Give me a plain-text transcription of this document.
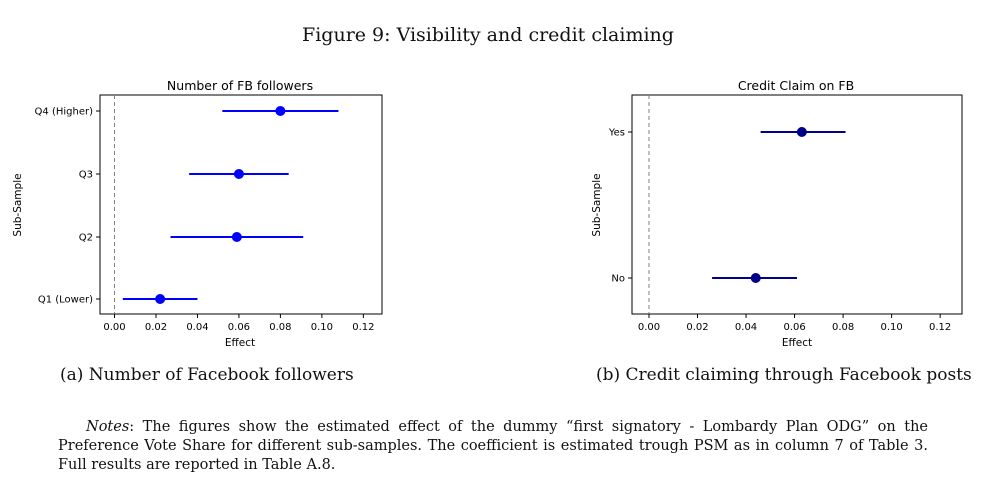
Figure 9: Visibility and credit claiming
Number of FB followers
0.00 0.02 0.04 0.06 0.08 0.10 0.12
Q4 (Higher)
Q3
Q2
Q1 (Lower)
Effect
Sub-Sample
Credit Claim on FB
0.00	0.02	0.04	0.06	0.08	0.10	0.12
Yes
No
Effect
Sub-Sample
(a) Number of Facebook followers	(b) Credit claiming through Facebook posts
Notes: The figures show the estimated effect of the dummy “first signatory - Lombardy Plan ODG” on the Preference Vote Share for different sub-samples. The coefficient is estimated trough PSM as in column 7 of Table 3. Full results are reported in Table A.8.
